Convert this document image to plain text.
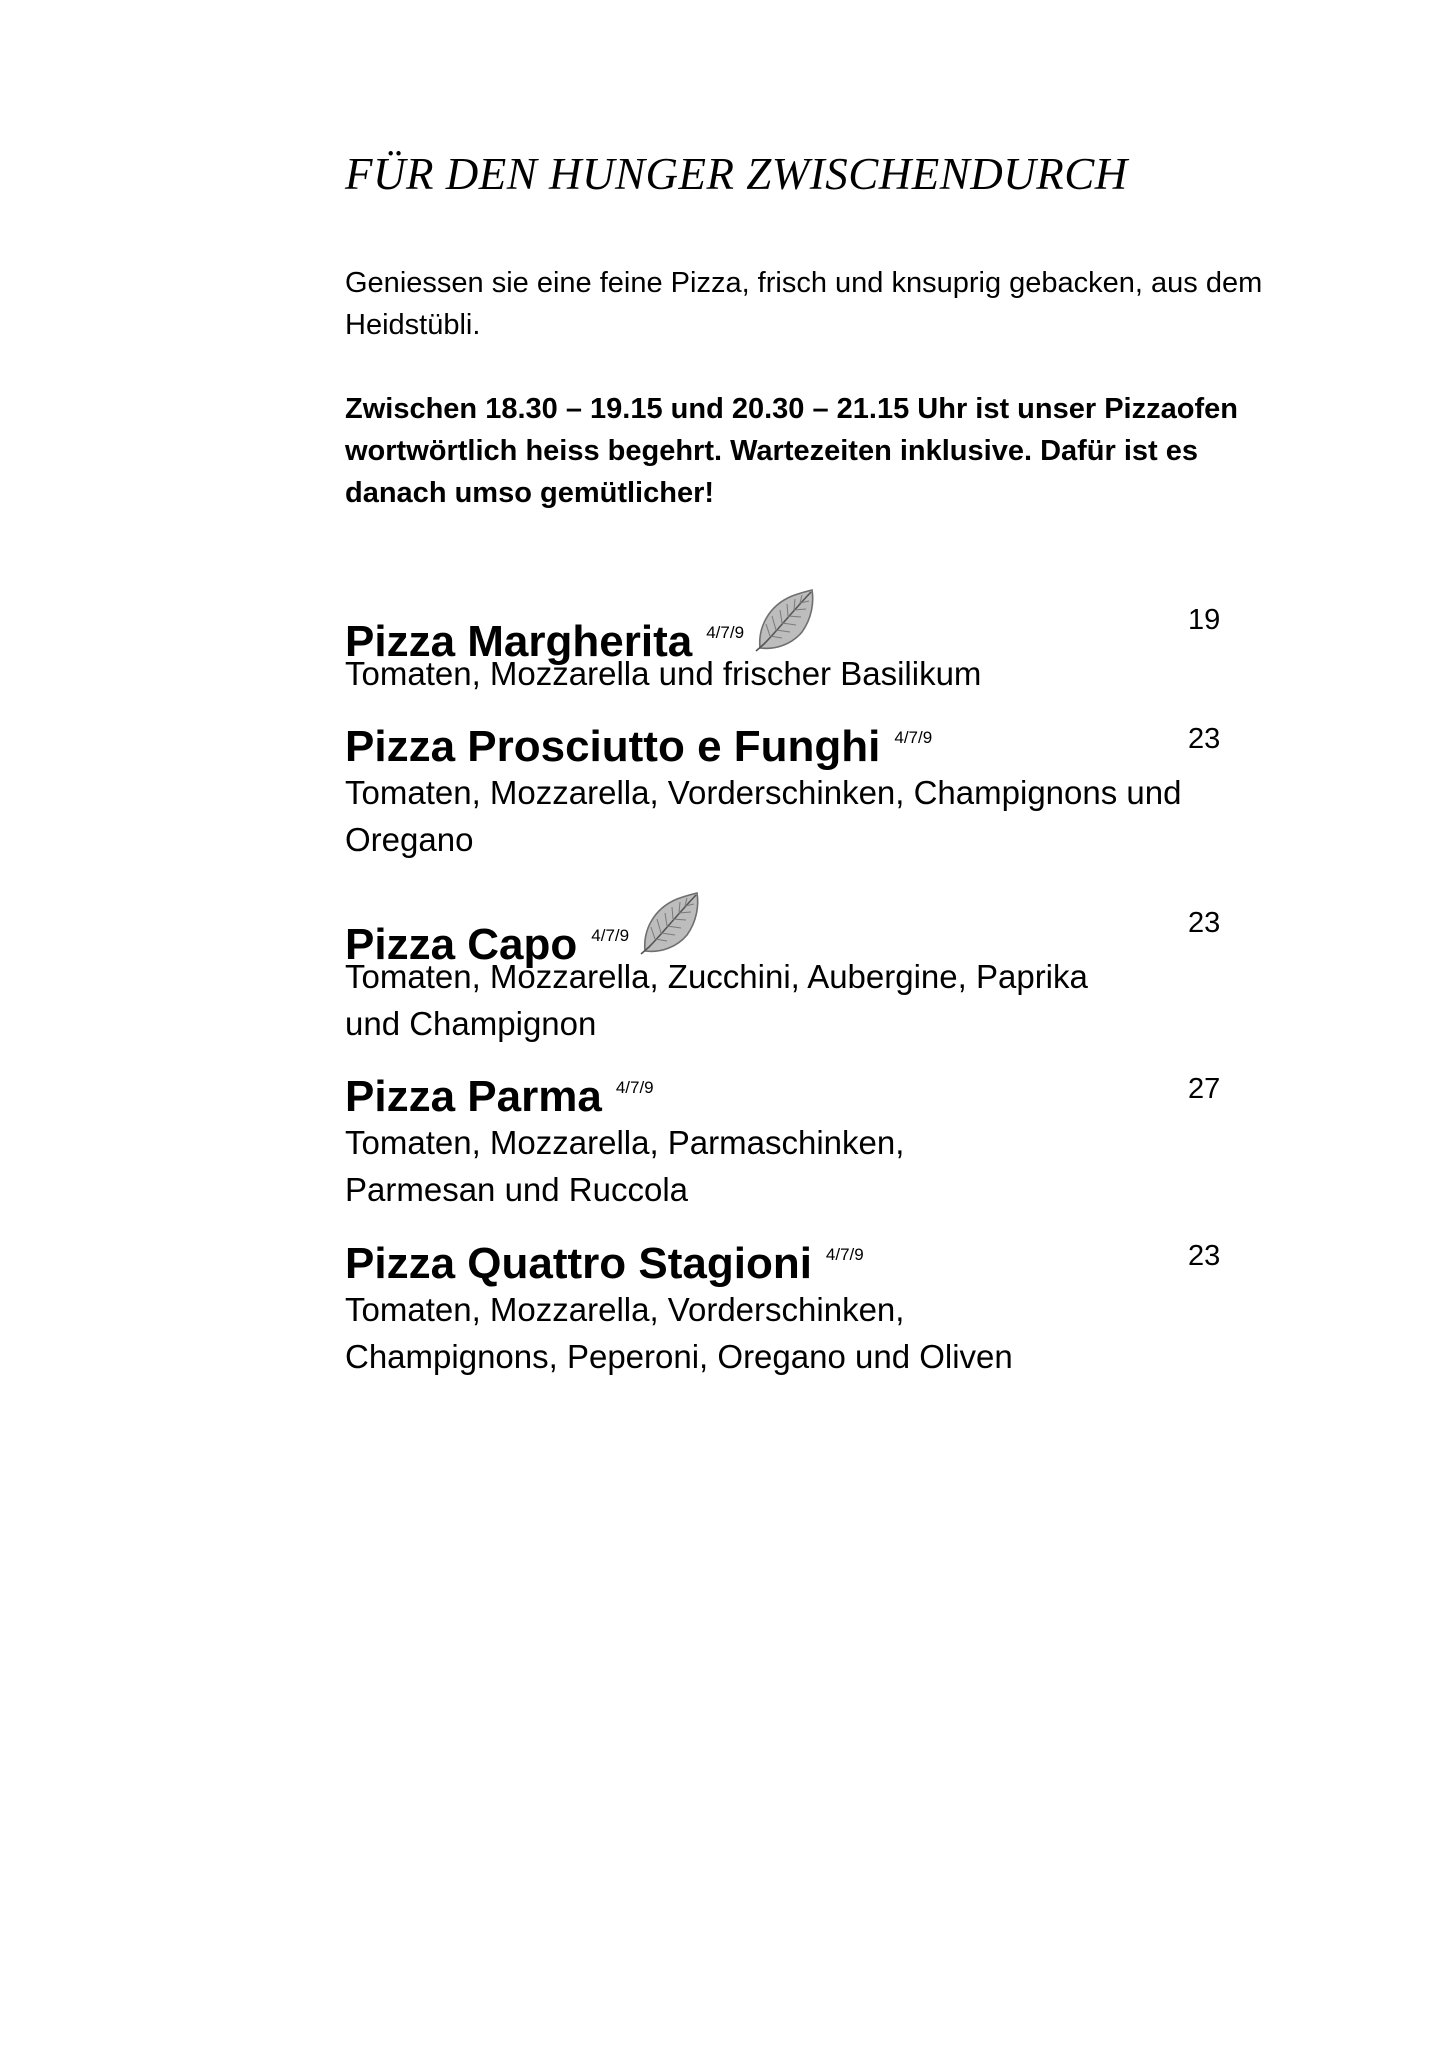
FÜR DEN HUNGER ZWISCHENDURCH
Geniessen sie eine feine Pizza, frisch und knsuprig gebacken, aus dem Heidstübli.
Zwischen 18.30 – 19.15 und 20.30 – 21.15 Uhr ist unser Pizzaofen
wortwörtlich heiss begehrt. Wartezeiten inklusive. Dafür ist es
danach umso gemütlicher!
Pizza Margherita $^{4/7/9}$	19
Tomaten, Mozzarella und frischer Basilikum
Pizza Prosciutto e Funghi $^{4/7/9}$	23
Tomaten, Mozzarella, Vorderschinken, Champignons und
Oregano
Pizza Capo $^{4/7/9}$	23
Tomaten, Mozzarella, Zucchini, Aubergine, Paprika
und Champignon
Pizza Parma $^{4/7/9}$	27
Tomaten, Mozzarella, Parmaschinken,
Parmesan und Ruccola
Pizza Quattro Stagioni $^{4/7/9}$	23
Tomaten, Mozzarella, Vorderschinken,
Champignons, Peperoni, Oregano und Oliven
